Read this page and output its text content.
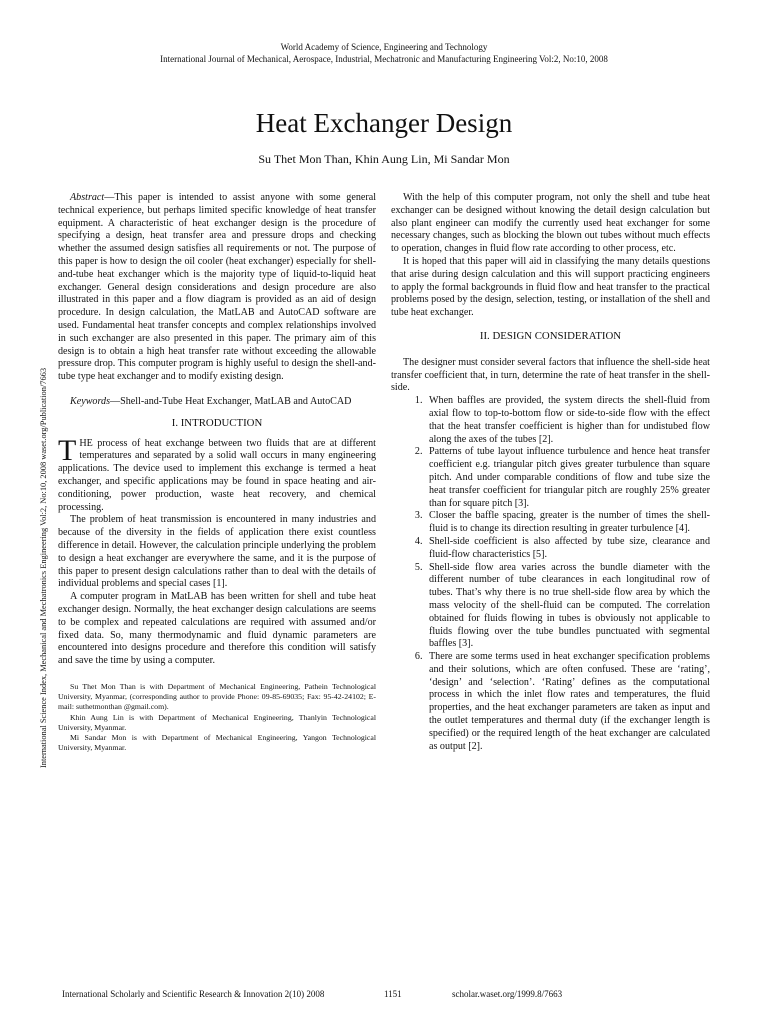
World Academy of Science, Engineering and Technology
International Journal of Mechanical, Aerospace, Industrial, Mechatronic and Manufacturing Engineering Vol:2, No:10, 2008
International Science Index, Mechanical and Mechatronics Engineering Vol:2, No:10, 2008 waset.org/Publication/7663
Heat Exchanger Design
Su Thet Mon Than, Khin Aung Lin, Mi Sandar Mon

Abstract—This paper is intended to assist anyone with some general technical experience, but perhaps limited specific knowledge of heat transfer equipment. A characteristic of heat exchanger design is the procedure of specifying a design, heat transfer area and pressure drops and checking whether the assumed design satisfies all requirements or not. The purpose of this paper is how to design the oil cooler (heat exchanger) especially for shell-and-tube heat exchanger which is the majority type of liquid-to-liquid heat exchanger. General design considerations and design procedure are also illustrated in this paper and a flow diagram is provided as an aid of design procedure. In design calculation, the MatLAB and AutoCAD software are used. Fundamental heat transfer concepts and complex relationships involved in such exchanger are also presented in this paper. The primary aim of this design is to obtain a high heat transfer rate without exceeding the allowable pressure drop. This computer program is highly useful to design the shell-and-tube type heat exchanger and to modify existing design.

Keywords—Shell-and-Tube Heat Exchanger, MatLAB and AutoCAD

I. INTRODUCTION

THE process of heat exchange between two fluids that are at different temperatures and separated by a solid wall occurs in many engineering applications. The device used to implement this exchange is termed a heat exchanger, and specific applications may be found in space heating and air-conditioning, power production, waste heat recovery, and chemical processing.

The problem of heat transmission is encountered in many industries and because of the diversity in the fields of application there exist countless difference in detail. However, the calculation principle underlying the problem to design a heat exchanger are everywhere the same, and it is the purpose of this paper to present design calculations rather than to deal with the details of individual problems and special cases [1].

A computer program in MatLAB has been written for shell and tube heat exchanger design. Normally, the heat exchanger design calculations are seems to be complex and repeated calculations are required with assumed and/or fixed data. So, many thermodynamic and fluid dynamic parameters are encountered into designs procedure and therefore this condition will satisfy and save the time by using a computer.

Su Thet Mon Than is with Department of Mechanical Engineering, Pathein Technological University, Myanmar, (corresponding author to provide Phone: 09-85-69035; Fax: 95-42-24102; E-mail: suthetmonthan @gmail.com).

Khin Aung Lin is with Department of Mechanical Engineering, Thanlyin Technological University, Myanmar.

Mi Sandar Mon is with Department of Mechanical Engineering, Yangon Technological University, Myanmar.

With the help of this computer program, not only the shell and tube heat exchanger can be designed without knowing the detail design calculation but also plant engineer can modify the currently used heat exchanger for some necessary changes, such as blocking the blown out tubes without much effects to operation, changes in fluid flow rate according to other process, etc.

It is hoped that this paper will aid in classifying the many details questions that arise during design calculation and this will support practicing engineers to apply the formal backgrounds in fluid flow and heat transfer to the practical problems posed by the design, selection, testing, or installation of the shell and tube heat exchanger.

II. DESIGN CONSIDERATION

The designer must consider several factors that influence the shell-side heat transfer coefficient that, in turn, determine the rate of heat transfer in the shell-side.

1. When baffles are provided, the system directs the shell-fluid from axial flow to top-to-bottom flow or side-to-side flow with the effect that the heat transfer coefficient is higher than for undistubed flow along the axes of the tubes [2].
2. Patterns of tube layout influence turbulence and hence heat transfer coefficient e.g. triangular pitch gives greater turbulence than square pitch. And under comparable conditions of flow and tube size the heat transfer coefficient for triangular pitch are roughly 25% greater than for square pitch [3].
3. Closer the baffle spacing, greater is the number of times the shell-fluid is to change its direction resulting in greater turbulence [4].
4. Shell-side coefficient is also affected by tube size, clearance and fluid-flow characteristics [5].
5. Shell-side flow area varies across the bundle diameter with the different number of tube clearances in each longitudinal row of tubes. That’s why there is no true shell-side flow area by which the mass velocity of the shell-fluid can be computed. The correlation obtained for fluids flowing in tubes is obviously not applicable to fluids flowing over the tube bundles punctuated with segmental baffles [3].
6. There are some terms used in heat exchanger specification problems and their solutions, which are often confused. These are ‘rating’, ‘design’ and ‘selection’. ‘Rating’ defines as the computational process in which the inlet flow rates and temperatures, the fluid properties, and the heat exchanger parameters are taken as input and the outlet temperatures and thermal duty (if the exchanger length is specified) or the required length of the heat exchanger are calculated as output [2].
International Scholarly and Scientific Research & Innovation 2(10) 2008	1151	scholar.waset.org/1999.8/7663
